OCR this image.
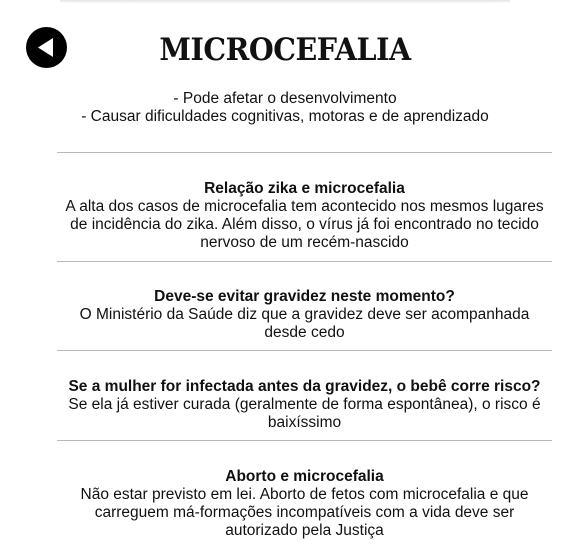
MICROCEFALIA
- Pode afetar o desenvolvimento
- Causar dificuldades cognitivas, motoras e de aprendizado
Relação zika e microcefalia
A alta dos casos de microcefalia tem acontecido nos mesmos lugares de incidência do zika. Além disso, o vírus já foi encontrado no tecido nervoso de um recém-nascido
Deve-se evitar gravidez neste momento?
O Ministério da Saúde diz que a gravidez deve ser acompanhada desde cedo
Se a mulher for infectada antes da gravidez, o bebê corre risco?
Se ela já estiver curada (geralmente de forma espontânea), o risco é baixíssimo
Aborto e microcefalia
Não estar previsto em lei. Aborto de fetos com microcefalia e que carreguem má-formações incompatíveis com a vida deve ser autorizado pela Justiça
